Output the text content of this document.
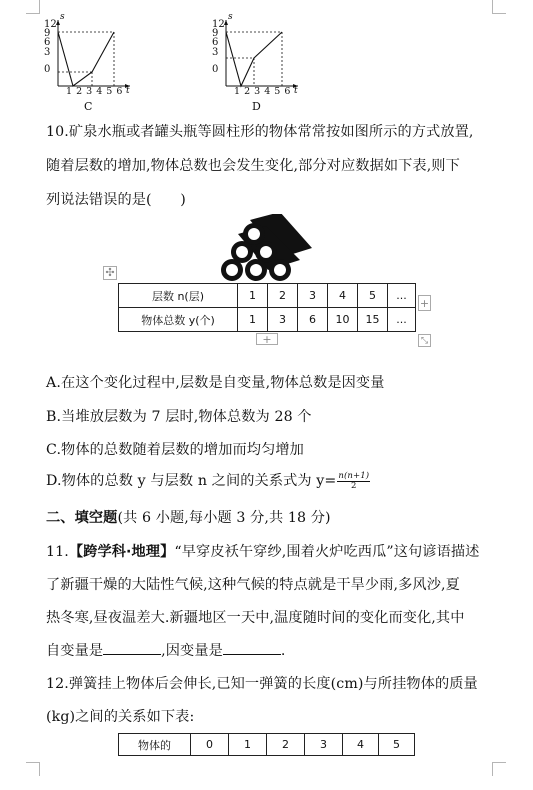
12
9
6
3
0
s
1 2 3 4 5 6 t
C
12
9
6
3
0
s
1 2 3 4 5 6 t
D
10.矿泉水瓶或者罐头瓶等圆柱形的物体常常按如图所示的方式放置,
随着层数的增加,物体总数也会发生变化,部分对应数据如下表,则下
列说法错误的是(　　)
✣
+
+	⤡
层数 n(层)	1	2	3	4	5	...
物体总数 y(个)	1	3	6	10	15	...
A.在这个变化过程中,层数是自变量,物体总数是因变量
B.当堆放层数为 7 层时,物体总数为 28 个
C.物体的总数随着层数的增加而均匀增加
D.物体的总数 y 与层数 n 之间的关系式为 $y= \frac{n(n+1)}{2}$
二、填空题(共 6 小题,每小题 3 分,共 18 分)
11.【跨学科·地理】“早穿皮袄午穿纱,围着火炉吃西瓜”这句谚语描述
了新疆干燥的大陆性气候,这种气候的特点就是干旱少雨,多风沙,夏
热冬寒,昼夜温差大.新疆地区一天中,温度随时间的变化而变化,其中
自变量是	,因变量是	.
12.弹簧挂上物体后会伸长,已知一弹簧的长度(cm)与所挂物体的质量
(kg)之间的关系如下表:
物体的	0	1	2	3	4	5
